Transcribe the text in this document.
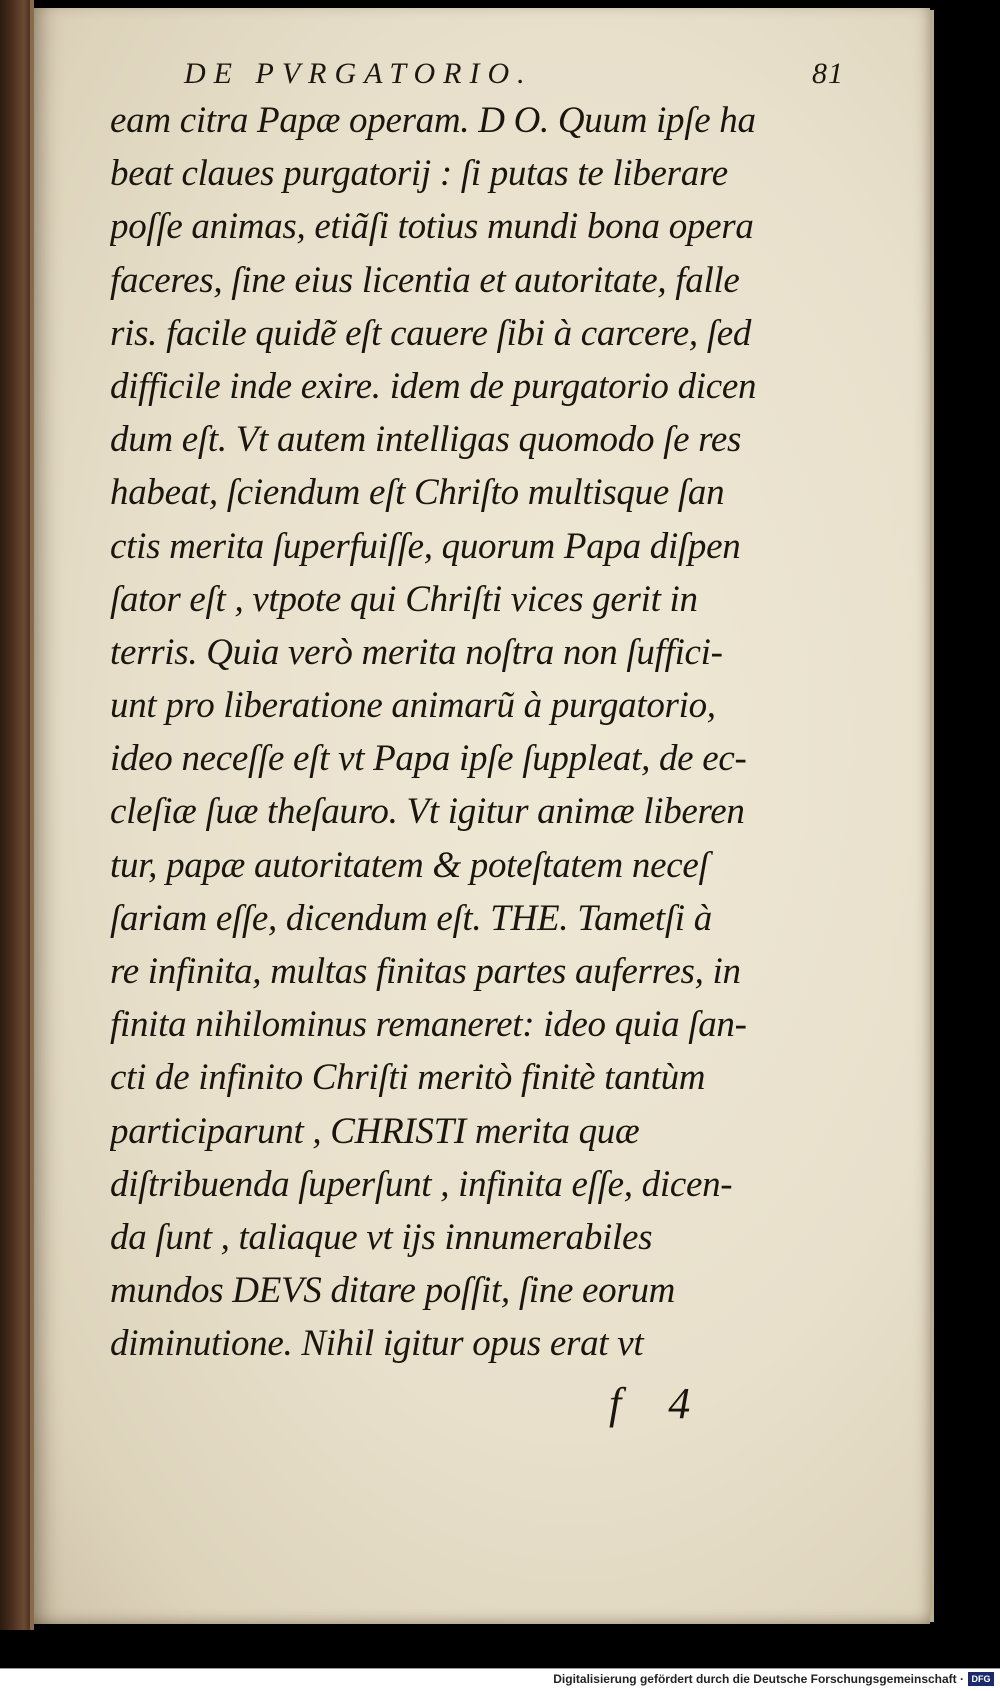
DE PVRGATORIO.	81
eam citra Papæ operam. D O. Quum ipſe ha
beat claues purgatorij : ſi putas te liberare
poſſe animas, etiãſi totius mundi bona opera
faceres, ſine eius licentia et autoritate, falle
ris. facile quidẽ eſt cauere ſibi à carcere, ſed
difficile inde exire. idem de purgatorio dicen
dum eſt. Vt autem intelligas quomodo ſe res
habeat, ſciendum eſt Chriſto multisque ſan
ctis merita ſuperfuiſſe, quorum Papa diſpen
ſator eſt , vtpote qui Chriſti vices gerit in
terris. Quia verò merita noſtra non ſuffici-
unt pro liberatione animarũ à purgatorio,
ideo neceſſe eſt vt Papa ipſe ſuppleat, de ec-
cleſiæ ſuæ theſauro. Vt igitur animæ liberen
tur, papæ autoritatem & poteſtatem neceſ
ſariam eſſe, dicendum eſt. THE. Tametſi à
re infinita, multas finitas partes auferres, in
finita nihilominus remaneret: ideo quia ſan-
cti de infinito Chriſti meritò finitè tantùm
participarunt , CHRISTI merita quæ
diſtribuenda ſuperſunt , infinita eſſe, dicen-
da ſunt , taliaque vt ijs innumerabiles
mundos DEVS ditare poſſit, ſine eorum
diminutione. Nihil igitur opus erat vt
f 4
Digitalisierung gefördert durch die Deutsche Forschungsgemeinschaft · DFG
